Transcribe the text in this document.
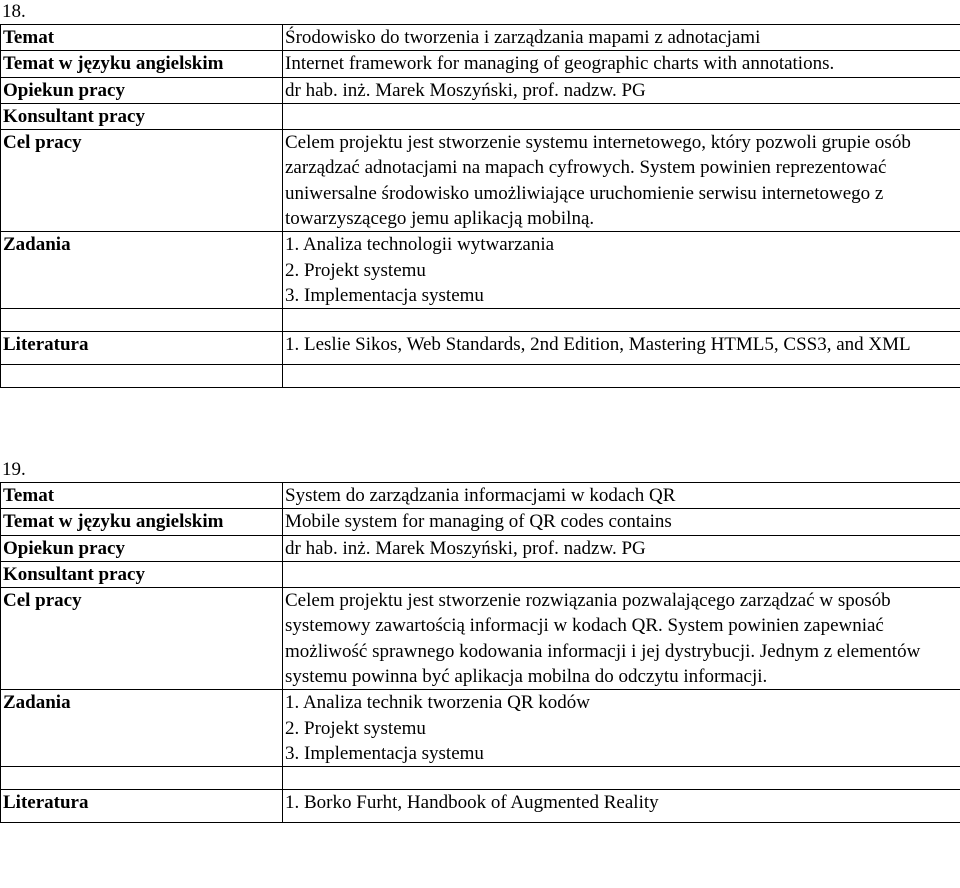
18.
Temat	Środowisko do tworzenia i zarządzania mapami z adnotacjami
Temat w języku angielskim	Internet framework for managing of geographic charts with annotations.
Opiekun pracy	dr hab. inż. Marek Moszyński, prof. nadzw. PG
Konsultant pracy	
Cel pracy	Celem projektu jest stworzenie systemu internetowego, który pozwoli grupie osób zarządzać adnotacjami na mapach cyfrowych. System powinien reprezentować uniwersalne środowisko umożliwiające uruchomienie serwisu internetowego z towarzyszącego jemu aplikacją mobilną.
Zadania	1. Analiza technologii wytwarzania
2. Projekt systemu
3. Implementacja systemu

Literatura	1. Leslie Sikos, Web Standards, 2nd Edition, Mastering HTML5, CSS3, and XML

19.
Temat	System do zarządzania informacjami w kodach QR
Temat w języku angielskim	Mobile system for managing of QR codes contains
Opiekun pracy	dr hab. inż. Marek Moszyński, prof. nadzw. PG
Konsultant pracy	
Cel pracy	Celem projektu jest stworzenie rozwiązania pozwalającego zarządzać w sposób systemowy zawartością informacji w kodach QR. System powinien zapewniać możliwość sprawnego kodowania informacji i jej dystrybucji. Jednym z elementów systemu powinna być aplikacja mobilna do odczytu informacji.
Zadania	1. Analiza technik tworzenia QR kodów
2. Projekt systemu
3. Implementacja systemu

Literatura	1. Borko Furht, Handbook of Augmented Reality
